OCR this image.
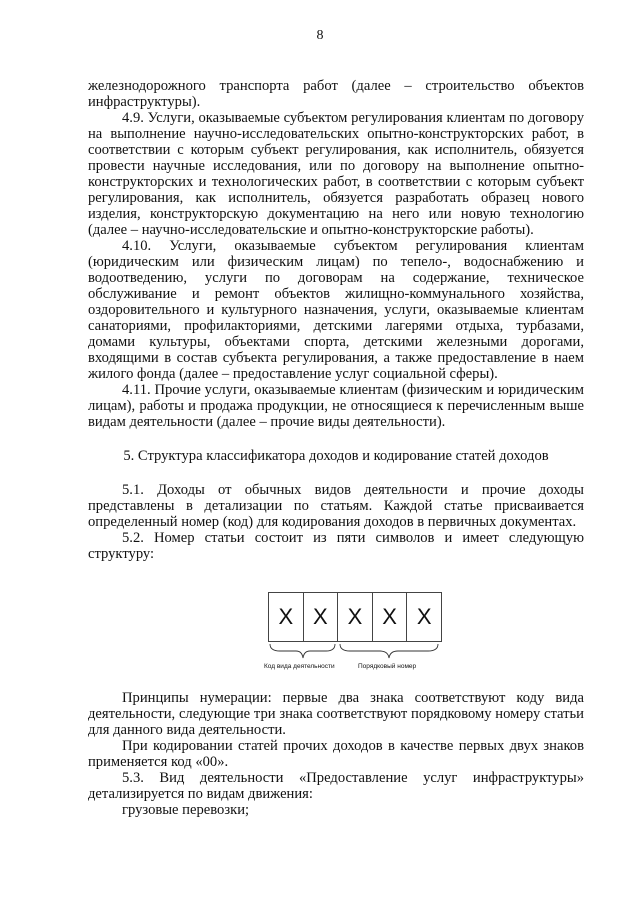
8

железнодорожного транспорта работ (далее – строительство объектов инфраструктуры).

4.9. Услуги, оказываемые субъектом регулирования клиентам по договору на выполнение научно-исследовательских опытно-конструкторских работ, в соответствии с которым субъект регулирования, как исполнитель, обязуется провести научные исследования, или по договору на выполнение опытно-конструкторских и технологических работ, в соответствии с которым субъект регулирования, как исполнитель, обязуется разработать образец нового изделия, конструкторскую документацию на него или новую технологию (далее – научно-исследовательские и опытно-конструкторские работы).

4.10. Услуги, оказываемые субъектом регулирования клиентам (юридическим или физическим лицам) по тепело-, водоснабжению и водоотведению, услуги по договорам на содержание, техническое обслуживание и ремонт объектов жилищно-коммунального хозяйства, оздоровительного и культурного назначения, услуги, оказываемые клиентам санаториями, профилакториями, детскими лагерями отдыха, турбазами, домами культуры, объектами спорта, детскими железными дорогами, входящими в состав субъекта регулирования, а также предоставление в наем жилого фонда (далее – предоставление услуг социальной сферы).

4.11. Прочие услуги, оказываемые клиентам (физическим и юридическим лицам), работы и продажа продукции, не относящиеся к перечисленным выше видам деятельности (далее – прочие виды деятельности).

5. Структура классификатора доходов и кодирование статей доходов

5.1. Доходы от обычных видов деятельности и прочие доходы представлены в детализации по статьям. Каждой статье присваивается определенный номер (код) для кодирования доходов в первичных документах.

5.2. Номер статьи состоит из пяти символов и имеет следующую структуру:

X X X X X
Код вида деятельности	Порядковый номер

Принципы нумерации: первые два знака соответствуют коду вида деятельности, следующие три знака соответствуют порядковому номеру статьи для данного вида деятельности.

При кодировании статей прочих доходов в качестве первых двух знаков применяется код «00».

5.3. Вид деятельности «Предоставление услуг инфраструктуры» детализируется по видам движения:

грузовые перевозки;
